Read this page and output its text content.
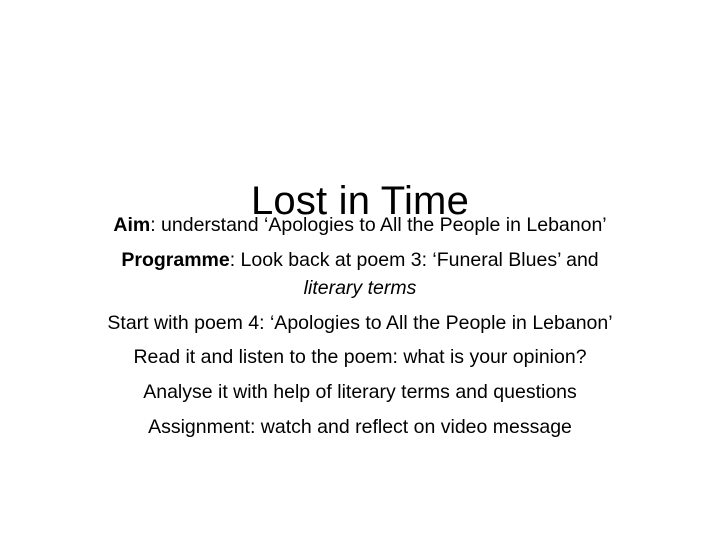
Lost in Time

Aim: understand ‘Apologies to All the People in Lebanon’

Programme: Look back at poem 3: ‘Funeral Blues’ and

literary terms

Start with poem 4: ‘Apologies to All the People in Lebanon’

Read it and listen to the poem: what is your opinion?

Analyse it with help of literary terms and questions

Assignment: watch and reflect on video message
